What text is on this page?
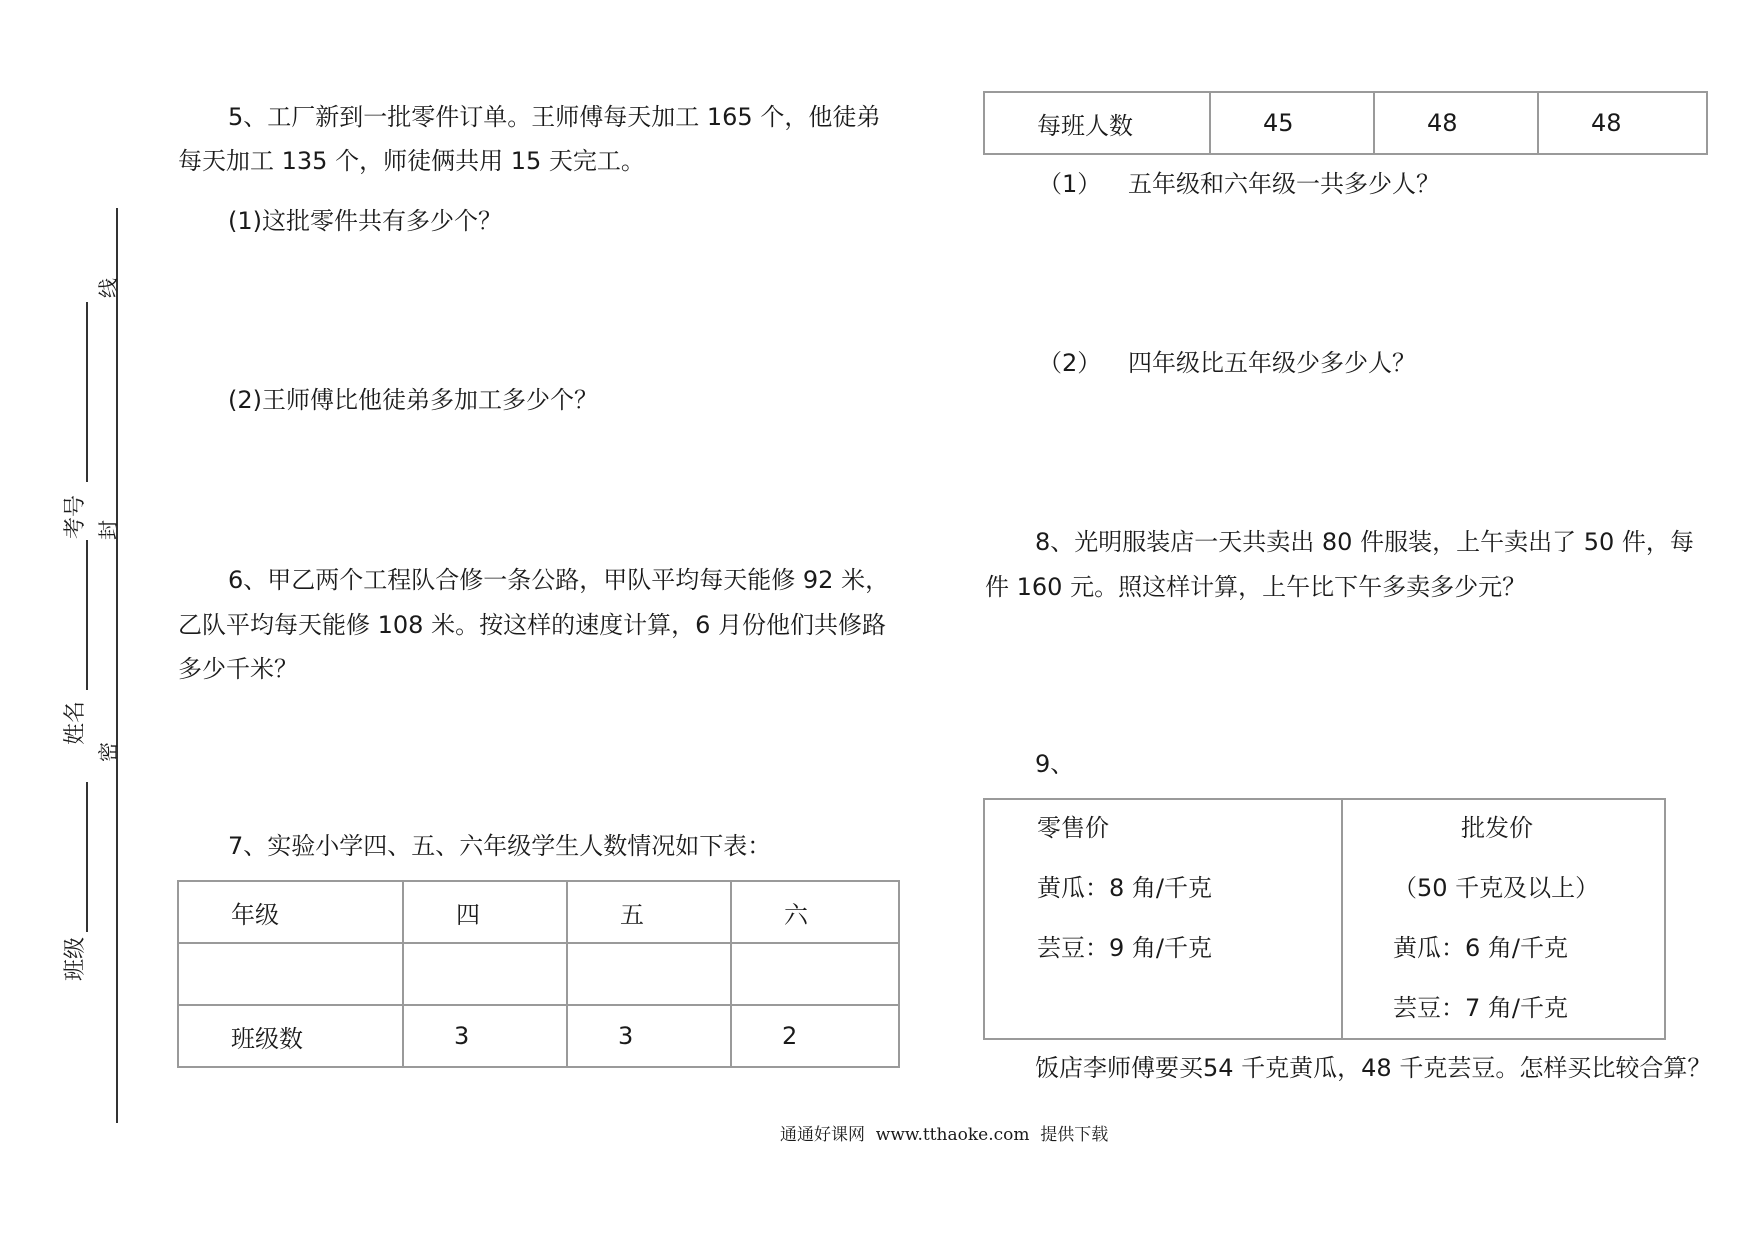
线
封
密
考号
姓名
班级
5、工厂新到一批零件订单。王师傅每天加工 165 个，他徒弟
每天加工 135 个，师徒俩共用 15 天完工。
(1)这批零件共有多少个？
(2)王师傅比他徒弟多加工多少个？
6、甲乙两个工程队合修一条公路，甲队平均每天能修 92 米，
乙队平均每天能修 108 米。按这样的速度计算，6 月份他们共修路
多少千米？
7、实验小学四、五、六年级学生人数情况如下表：
年级	四	五	六

班级数	3	3	2
每班人数	45	48	48
（1） 五年级和六年级一共多少人？
（2） 四年级比五年级少多少人？
8、光明服装店一天共卖出 80 件服装，上午卖出了 50 件，每
件 160 元。照这样计算，上午比下午多卖多少元？
9、
零售价
黄瓜：8 角/千克
芸豆：9 角/千克

批发价
（50 千克及以上）
黄瓜：6 角/千克
芸豆：7 角/千克
饭店李师傅要买54 千克黄瓜，48 千克芸豆。怎样买比较合算？
通通好课网  www.tthaoke.com  提供下载
